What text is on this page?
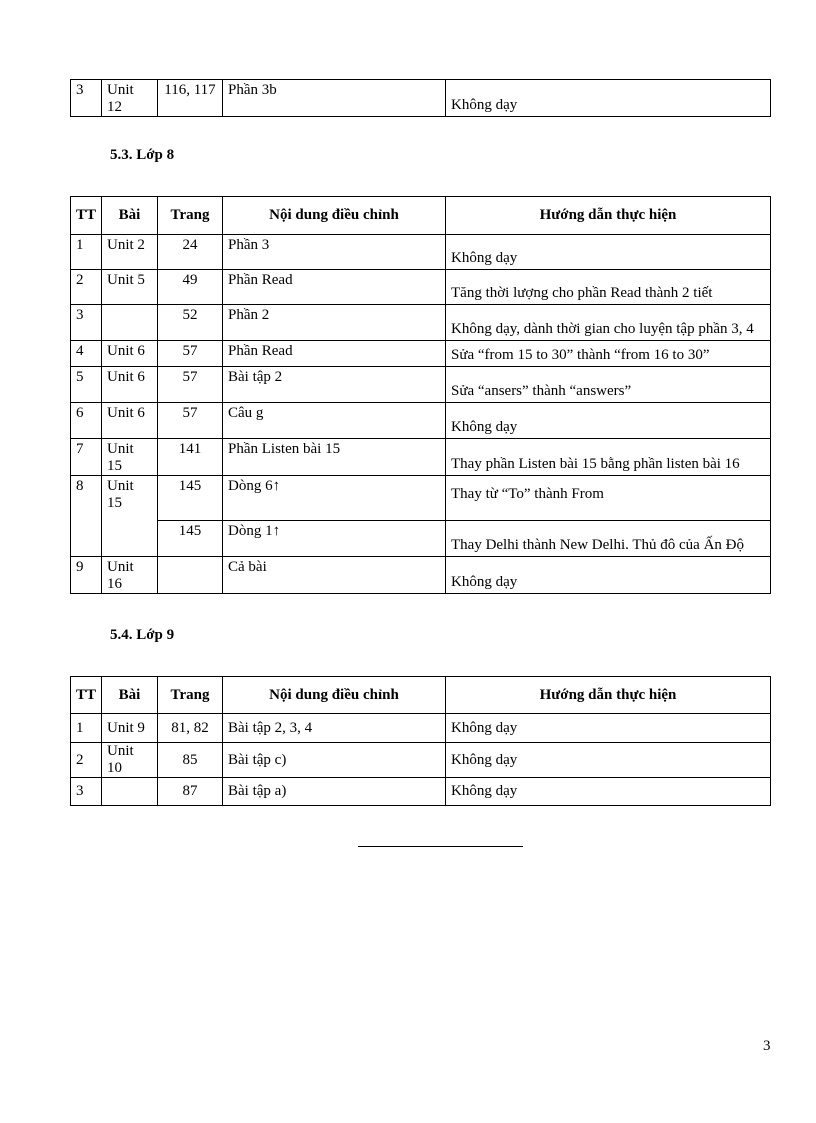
3	Unit 12	116, 117	Phần 3b	Không dạy
5.3. Lớp 8
TT	Bài	Trang	Nội dung điều chỉnh	Hướng dẫn thực hiện
1	Unit 2	24	Phần 3	Không dạy
2	Unit 5	49	Phần Read	Tăng thời lượng cho phần Read thành 2 tiết
3		52	Phần 2	Không dạy, dành thời gian cho luyện tập phần 3, 4
4	Unit 6	57	Phần Read	Sửa “from 15 to 30” thành “from 16 to 30”
5	Unit 6	57	Bài tập 2	Sửa “ansers” thành “answers”
6	Unit 6	57	Câu g	Không dạy
7	Unit 15	141	Phần Listen bài 15	Thay phần Listen bài 15 bằng phần listen bài 16
8	Unit 15	145	Dòng 6↑	Thay từ “To” thành From
		145	Dòng 1↑	Thay Delhi thành New Delhi. Thủ đô của Ấn Độ
9	Unit 16		Cả bài	Không dạy
5.4. Lớp 9
TT	Bài	Trang	Nội dung điều chỉnh	Hướng dẫn thực hiện
1	Unit 9	81, 82	Bài tập 2, 3, 4	Không dạy
2	Unit 10	85	Bài tập c)	Không dạy
3		87	Bài tập a)	Không dạy
3
